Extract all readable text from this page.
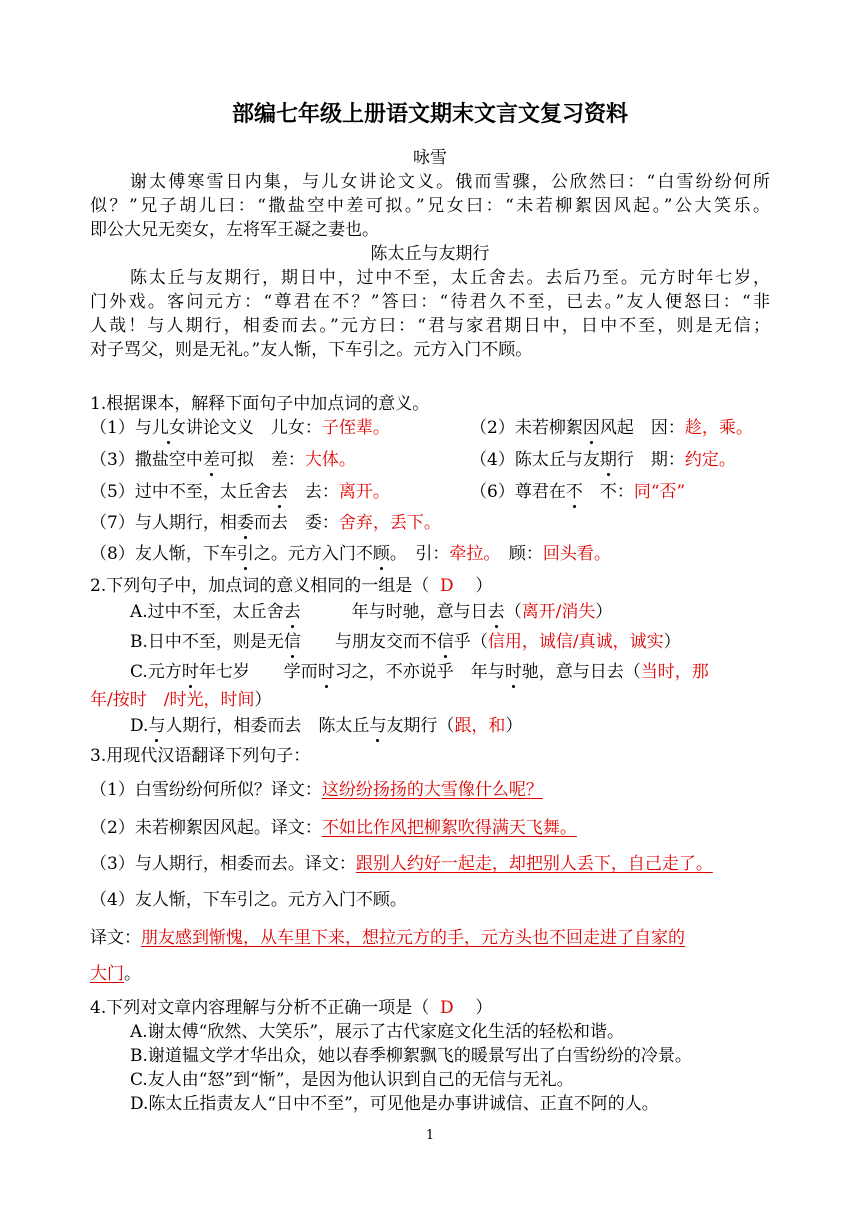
部编七年级上册语文期末文言文复习资料
咏雪
谢太傅寒雪日内集，与儿女讲论文义。俄而雪骤，公欣然曰：“白雪纷纷何所
似？”兄子胡儿曰：“撒盐空中差可拟。”兄女曰：“未若柳絮因风起。”公大笑乐。
即公大兄无奕女，左将军王凝之妻也。
陈太丘与友期行
陈太丘与友期行，期日中，过中不至，太丘舍去。去后乃至。元方时年七岁，
门外戏。客问元方：“尊君在不？”答曰：“待君久不至，已去。”友人便怒曰：“非
人哉！与人期行，相委而去。”元方曰：“君与家君期日中，日中不至，则是无信；
对子骂父，则是无礼。”友人惭，下车引之。元方入门不顾。
1.根据课本，解释下面句子中加点词的意义。
（1）与儿女讲论文义　儿女：子侄辈。	（2）未若柳絮因风起　因：趁，乘。
（3）撒盐空中差可拟　差：大体。	（4）陈太丘与友期行　期：约定。
（5）过中不至，太丘舍去　去：离开。	（6）尊君在不　不：同“否”
（7）与人期行，相委而去　委：舍弃，丢下。
（8）友人惭，下车引之。元方入门不顾。　引：牵拉。　顾：回头看。
2.下列句子中，加点词的意义相同的一组是（ D ）
A.过中不至，太丘舍去　　　年与时驰，意与日去（离开/消失）
B.日中不至，则是无信　　与朋友交而不信乎（信用，诚信/真诚，诚实）
C.元方时年七岁　　学而时习之，不亦说乎　年与时驰，意与日去（当时，那
年/按时　/时光，时间）
D.与人期行，相委而去　陈太丘与友期行（跟，和）
3.用现代汉语翻译下列句子：
（1）白雪纷纷何所似？译文：这纷纷扬扬的大雪像什么呢？
（2）未若柳絮因风起。译文：不如比作风把柳絮吹得满天飞舞。
（3）与人期行，相委而去。译文：跟别人约好一起走，却把别人丢下，自己走了。
（4）友人惭，下车引之。元方入门不顾。
译文：朋友感到惭愧，从车里下来，想拉元方的手，元方头也不回走进了自家的
大门。
4.下列对文章内容理解与分析不正确一项是（ D ）
A.谢太傅“欣然、大笑乐”，展示了古代家庭文化生活的轻松和谐。
B.谢道韫文学才华出众，她以春季柳絮飘飞的暖景写出了白雪纷纷的冷景。
C.友人由“怒”到“惭”，是因为他认识到自己的无信与无礼。
D.陈太丘指责友人“日中不至”，可见他是办事讲诚信、正直不阿的人。
1
